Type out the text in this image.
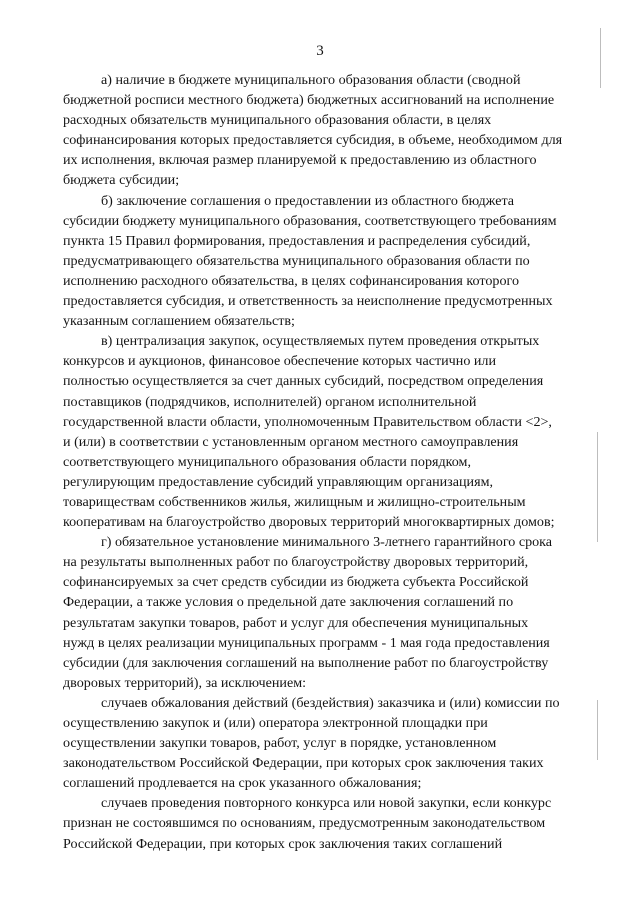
3

а) наличие в бюджете муниципального образования области (сводной
бюджетной росписи местного бюджета) бюджетных ассигнований на исполнение
расходных обязательств муниципального образования области, в целях
софинансирования которых предоставляется субсидия, в объеме, необходимом для
их исполнения, включая размер планируемой к предоставлению из областного
бюджета субсидии;

б) заключение соглашения о предоставлении из областного бюджета
субсидии бюджету муниципального образования, соответствующего требованиям
пункта 15 Правил формирования, предоставления и распределения субсидий,
предусматривающего обязательства муниципального образования области по
исполнению расходного обязательства, в целях софинансирования которого
предоставляется субсидия, и ответственность за неисполнение предусмотренных
указанным соглашением обязательств;

в) централизация закупок, осуществляемых путем проведения открытых
конкурсов и аукционов, финансовое обеспечение которых частично или
полностью осуществляется за счет данных субсидий, посредством определения
поставщиков (подрядчиков, исполнителей) органом исполнительной
государственной власти области, уполномоченным Правительством области <2>,
и (или) в соответствии с установленным органом местного самоуправления
соответствующего муниципального образования области порядком,
регулирующим предоставление субсидий управляющим организациям,
товариществам собственников жилья, жилищным и жилищно-строительным
кооперативам на благоустройство дворовых территорий многоквартирных домов;

г) обязательное установление минимального 3-летнего гарантийного срока
на результаты выполненных работ по благоустройству дворовых территорий,
софинансируемых за счет средств субсидии из бюджета субъекта Российской
Федерации, а также условия о предельной дате заключения соглашений по
результатам закупки товаров, работ и услуг для обеспечения муниципальных
нужд в целях реализации муниципальных программ - 1 мая года предоставления
субсидии (для заключения соглашений на выполнение работ по благоустройству
дворовых территорий), за исключением:

случаев обжалования действий (бездействия) заказчика и (или) комиссии по
осуществлению закупок и (или) оператора электронной площадки при
осуществлении закупки товаров, работ, услуг в порядке, установленном
законодательством Российской Федерации, при которых срок заключения таких
соглашений продлевается на срок указанного обжалования;

случаев проведения повторного конкурса или новой закупки, если конкурс
признан не состоявшимся по основаниям, предусмотренным законодательством
Российской Федерации, при которых срок заключения таких соглашений
